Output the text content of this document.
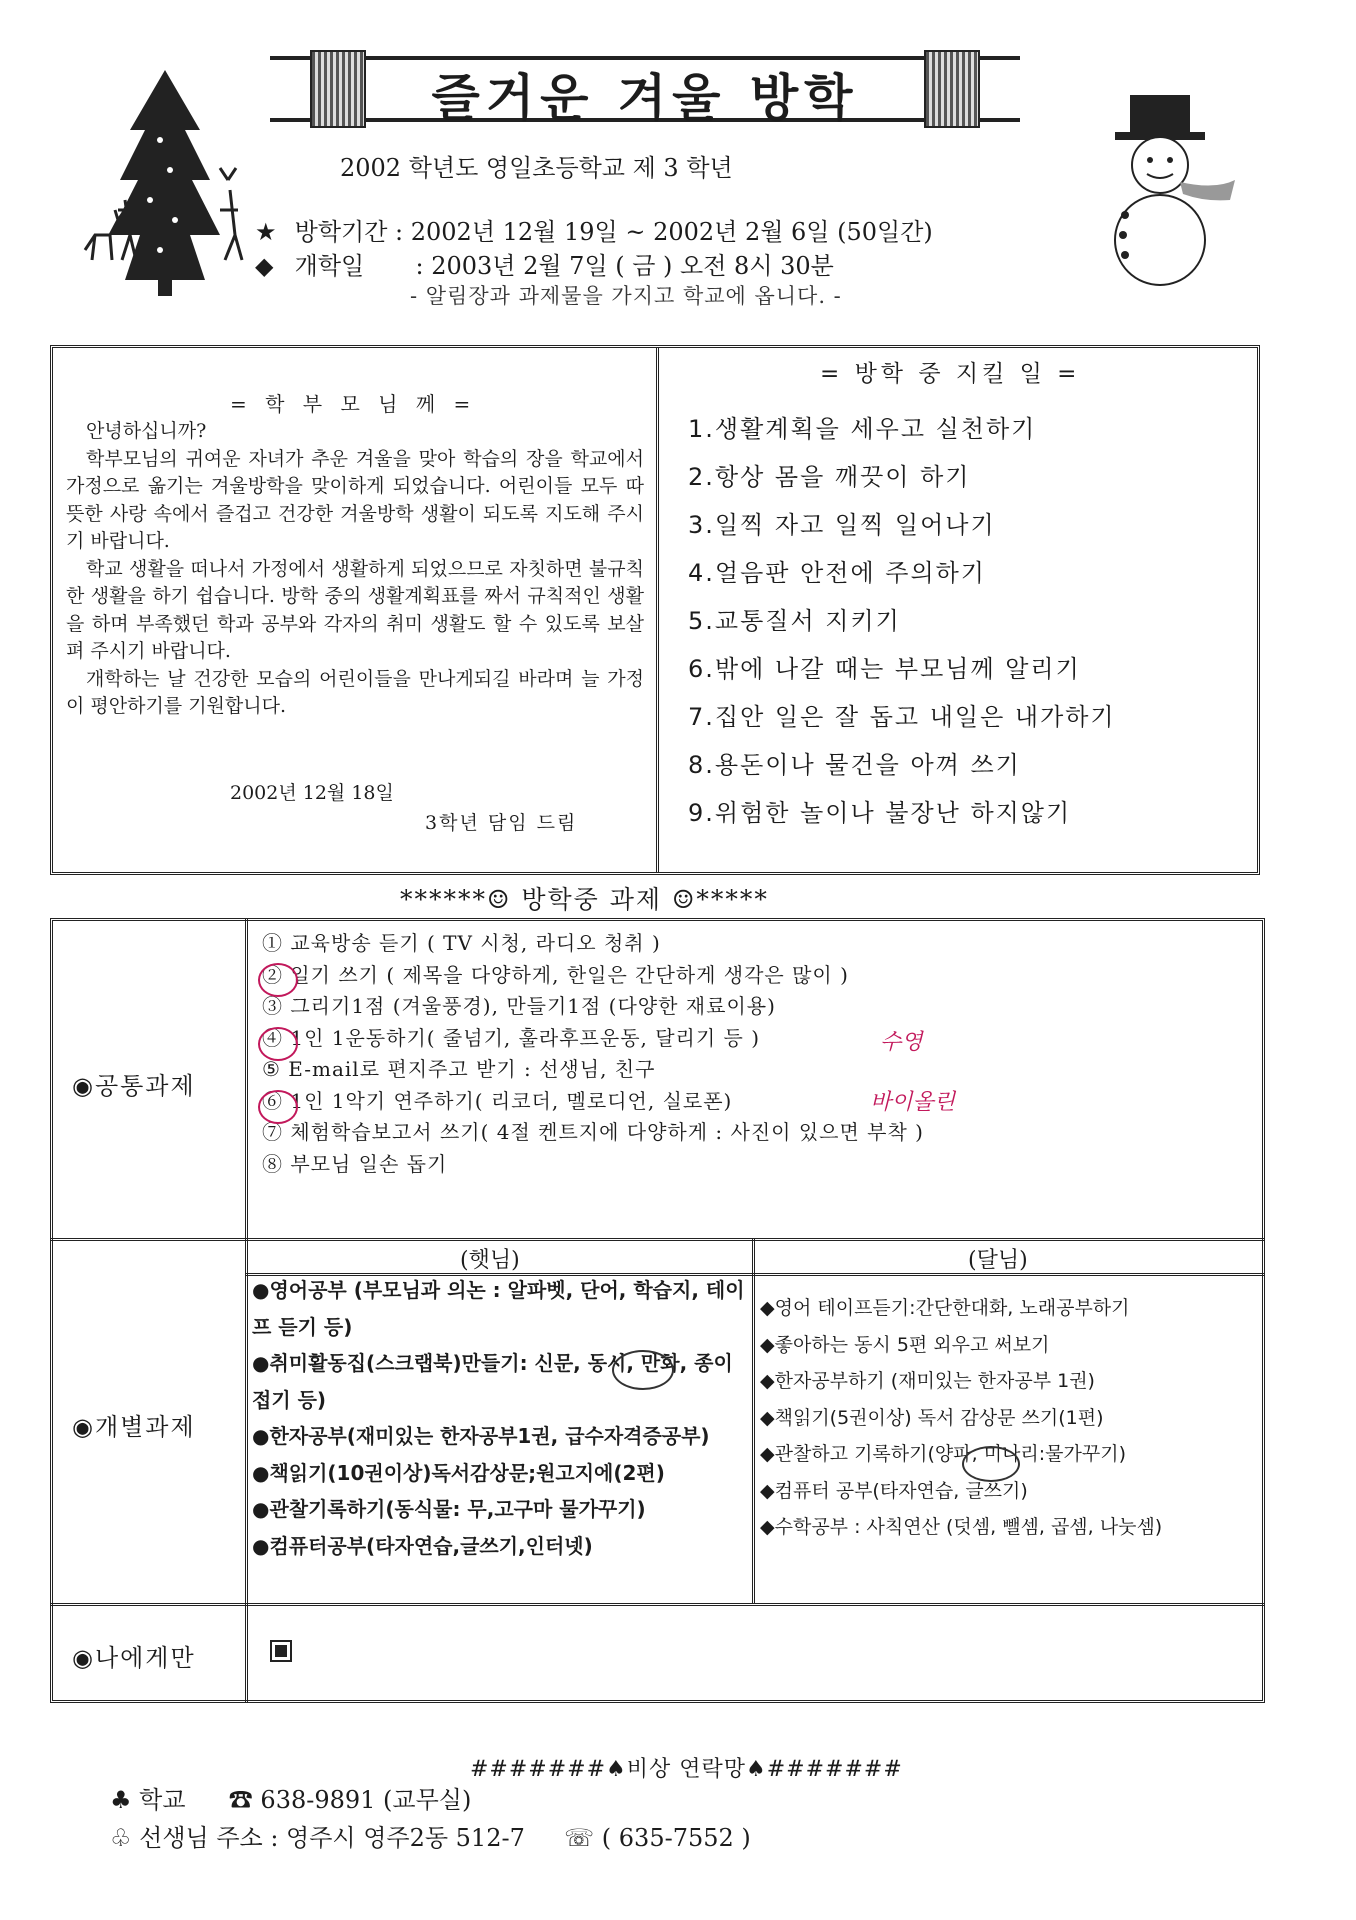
즐거운 겨울 방학
2002 학년도 영일초등학교 제 3 학년
★ 방학기간 : 2002년 12월 19일 ~ 2002년 2월 6일 (50일간)
◆ 개학일 : 2003년 2월 7일 ( 금 ) 오전 8시 30분
- 알림장과 과제물을 가지고 학교에 옵니다. -
= 학 부 모 님 께 =
안녕하십니까?

학부모님의 귀여운 자녀가 추운 겨울을 맞아 학습의 장을 학교에서 가정으로 옮기는 겨울방학을 맞이하게 되었습니다. 어린이들 모두 따뜻한 사랑 속에서 즐겁고 건강한 겨울방학 생활이 되도록 지도해 주시기 바랍니다.

학교 생활을 떠나서 가정에서 생활하게 되었으므로 자칫하면 불규칙한 생활을 하기 쉽습니다. 방학 중의 생활계획표를 짜서 규칙적인 생활을 하며 부족했던 학과 공부와 각자의 취미 생활도 할 수 있도록 보살펴 주시기 바랍니다.

개학하는 날 건강한 모습의 어린이들을 만나게되길 바라며 늘 가정이 평안하기를 기원합니다.

2002년 12월 18일
3학년 담임 드림
= 방학 중 지킬 일 =
1.생활계획을 세우고 실천하기
2.항상 몸을 깨끗이 하기
3.일찍 자고 일찍 일어나기
4.얼음판 안전에 주의하기
5.교통질서 지키기
6.밖에 나갈 때는 부모님께 알리기
7.집안 일은 잘 돕고 내일은 내가하기
8.용돈이나 물건을 아껴 쓰기
9.위험한 놀이나 불장난 하지않기
******☺ 방학중 과제 ☺*****
◉공통과제
① 교육방송 듣기 ( TV 시청, 라디오 청취 )
② 일기 쓰기 ( 제목을 다양하게, 한일은 간단하게 생각은 많이 )
③ 그리기1점 (겨울풍경), 만들기1점 (다양한 재료이용)
④ 1인 1운동하기( 줄넘기, 훌라후프운동, 달리기 등 )
⑤ E-mail로 편지주고 받기 : 선생님, 친구
⑥ 1인 1악기 연주하기( 리코더, 멜로디언, 실로폰)
⑦ 체험학습보고서 쓰기( 4절 켄트지에 다양하게 : 사진이 있으면 부착 )
⑧ 부모님 일손 돕기
수영
바이올린
◉개별과제
(햇님)	(달님)
●영어공부 (부모님과 의논 : 알파벳, 단어, 학습지, 테이프 듣기 등)
●취미활동집(스크랩북)만들기: 신문, 동시, 만화, 종이접기 등)
●한자공부(재미있는 한자공부1권, 급수자격증공부)
●책읽기(10권이상)독서감상문;원고지에(2편)
●관찰기록하기(동식물: 무,고구마 물가꾸기)
●컴퓨터공부(타자연습,글쓰기,인터넷)
◆영어 테이프듣기:간단한대화, 노래공부하기
◆좋아하는 동시 5편 외우고 써보기
◆한자공부하기 (재미있는 한자공부 1권)
◆책읽기(5권이상) 독서 감상문 쓰기(1편)
◆관찰하고 기록하기(양파, 미나리:물가꾸기)
◆컴퓨터 공부(타자연습, 글쓰기)
◆수학공부 : 사칙연산 (덧셈, 뺄셈, 곱셈, 나눗셈)
◉나에게만
#######♠비상 연락망♠#######
♣ 학교 ☎ 638-9891 (교무실)
♧ 선생님 주소 : 영주시 영주2동 512-7 ☏ ( 635-7552 )
